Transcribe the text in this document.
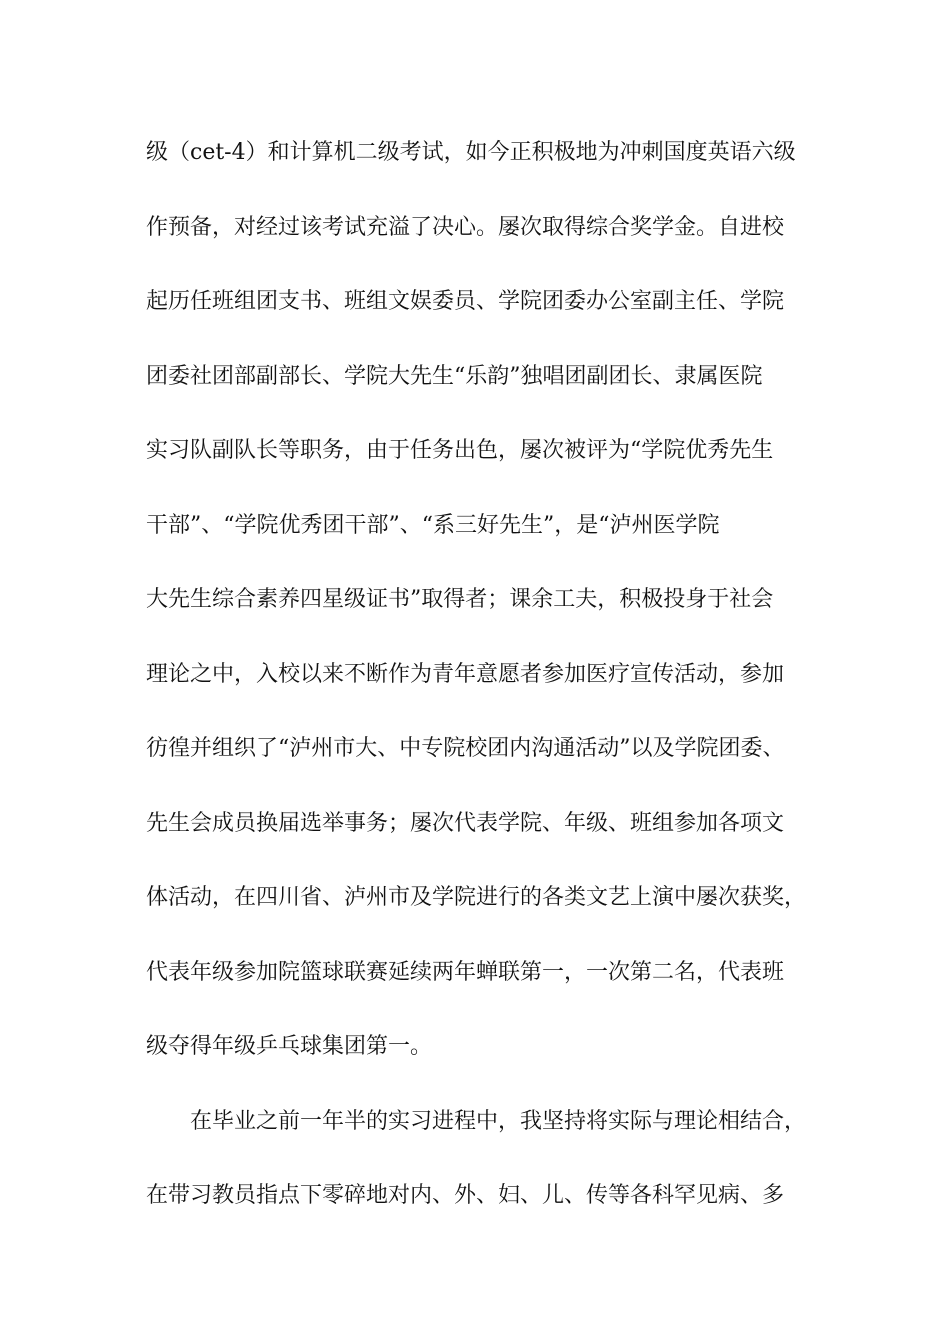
级（cet-4）和计算机二级考试，如今正积极地为冲刺国度英语六级
作预备，对经过该考试充溢了决心。屡次取得综合奖学金。自进校
起历任班组团支书、班组文娱委员、学院团委办公室副主任、学院
团委社团部副部长、学院大先生“乐韵”独唱团副团长、隶属医院
实习队副队长等职务，由于任务出色，屡次被评为“学院优秀先生
干部”、“学院优秀团干部”、“系三好先生”，是“泸州医学院
大先生综合素养四星级证书”取得者；课余工夫，积极投身于社会
理论之中，入校以来不断作为青年意愿者参加医疗宣传活动，参加
彷徨并组织了“泸州市大、中专院校团内沟通活动”以及学院团委、
先生会成员换届选举事务；屡次代表学院、年级、班组参加各项文
体活动，在四川省、泸州市及学院进行的各类文艺上演中屡次获奖，
代表年级参加院篮球联赛延续两年蝉联第一，一次第二名，代表班
级夺得年级乒乓球集团第一。
在毕业之前一年半的实习进程中，我坚持将实际与理论相结合，
在带习教员指点下零碎地对内、外、妇、儿、传等各科罕见病、多
